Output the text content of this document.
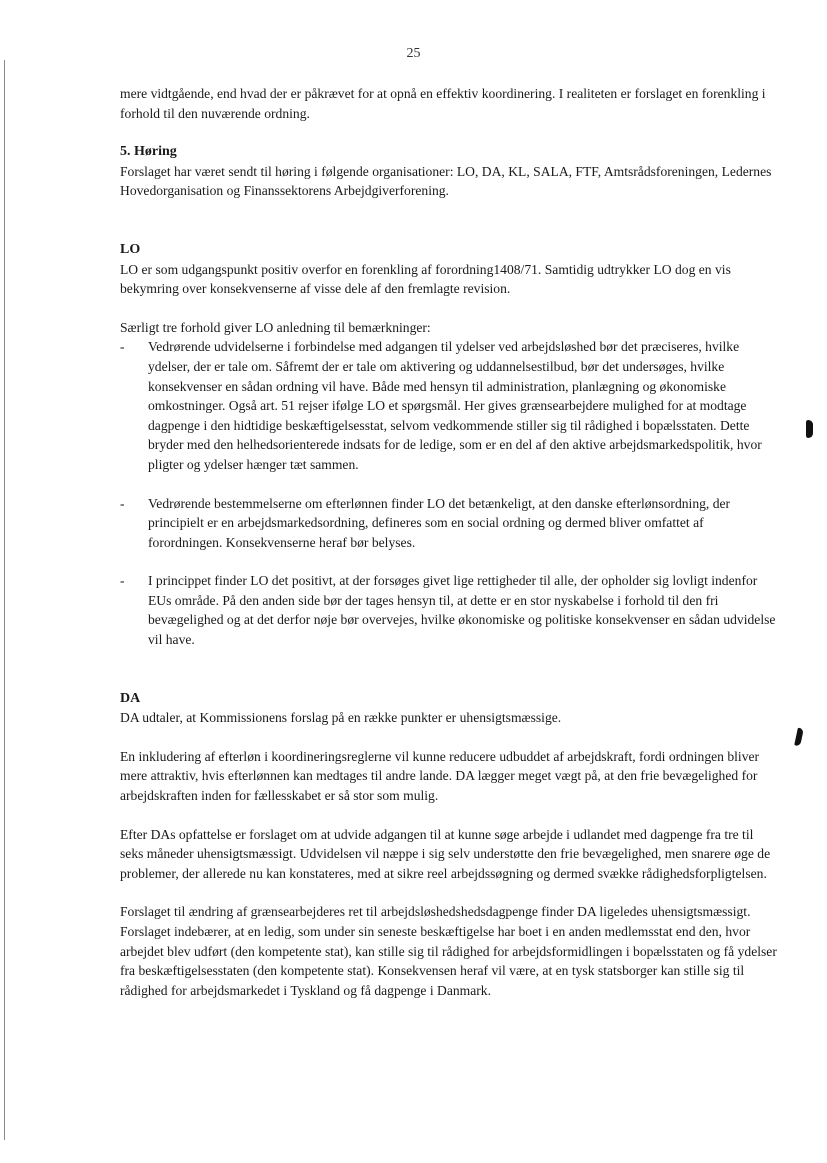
25

mere vidtgående, end hvad der er påkrævet for at opnå en effektiv koordinering. I realiteten er forslaget en forenkling i forhold til den nuværende ordning.

5. Høring

Forslaget har været sendt til høring i følgende organisationer: LO, DA, KL, SALA, FTF, Amtsrådsforeningen, Ledernes Hovedorganisation og Finanssektorens Arbejdgiverforening.

LO

LO er som udgangspunkt positiv overfor en forenkling af forordning1408/71. Samtidig udtrykker LO dog en vis bekymring over konsekvenserne af visse dele af den fremlagte revision.

Særligt tre forhold giver LO anledning til bemærkninger:

- Vedrørende udvidelserne i forbindelse med adgangen til ydelser ved arbejdsløshed bør det præciseres, hvilke ydelser, der er tale om. Såfremt der er tale om aktivering og uddannelsestilbud, bør det undersøges, hvilke konsekvenser en sådan ordning vil have. Både med hensyn til administration, planlægning og økonomiske omkostninger. Også art. 51 rejser ifølge LO et spørgsmål. Her gives grænsearbejdere mulighed for at modtage dagpenge i den hidtidige beskæftigelsesstat, selvom vedkommende stiller sig til rådighed i bopælsstaten. Dette bryder med den helhedsorienterede indsats for de ledige, som er en del af den aktive arbejdsmarkedspolitik, hvor pligter og ydelser hænger tæt sammen.
- Vedrørende bestemmelserne om efterlønnen finder LO det betænkeligt, at den danske efterlønsordning, der principielt er en arbejdsmarkedsordning, defineres som en social ordning og dermed bliver omfattet af forordningen. Konsekvenserne heraf bør belyses.
- I princippet finder LO det positivt, at der forsøges givet lige rettigheder til alle, der opholder sig lovligt indenfor EUs område. På den anden side bør der tages hensyn til, at dette er en stor nyskabelse i forhold til den fri bevægelighed og at det derfor nøje bør overvejes, hvilke økonomiske og politiske konsekvenser en sådan udvidelse vil have.
DA

DA udtaler, at Kommissionens forslag på en række punkter er uhensigtsmæssige.

En inkludering af efterløn i koordineringsreglerne vil kunne reducere udbuddet af arbejdskraft, fordi ordningen bliver mere attraktiv, hvis efterlønnen kan medtages til andre lande. DA lægger meget vægt på, at den frie bevægelighed for arbejdskraften inden for fællesskabet er så stor som mulig.

Efter DAs opfattelse er forslaget om at udvide adgangen til at kunne søge arbejde i udlandet med dagpenge fra tre til seks måneder uhensigtsmæssigt. Udvidelsen vil næppe i sig selv understøtte den frie bevægelighed, men snarere øge de problemer, der allerede nu kan konstateres, med at sikre reel arbejdssøgning og dermed svække rådighedsforpligtelsen.

Forslaget til ændring af grænsearbejderes ret til arbejdsløshedshedsdagpenge finder DA ligeledes uhensigtsmæssigt. Forslaget indebærer, at en ledig, som under sin seneste beskæftigelse har boet i en anden medlemsstat end den, hvor arbejdet blev udført (den kompetente stat), kan stille sig til rådighed for arbejdsformidlingen i bopælsstaten og få ydelser fra beskæftigelsesstaten (den kompetente stat). Konsekvensen heraf vil være, at en tysk statsborger kan stille sig til rådighed for arbejdsmarkedet i Tyskland og få dagpenge i Danmark.
